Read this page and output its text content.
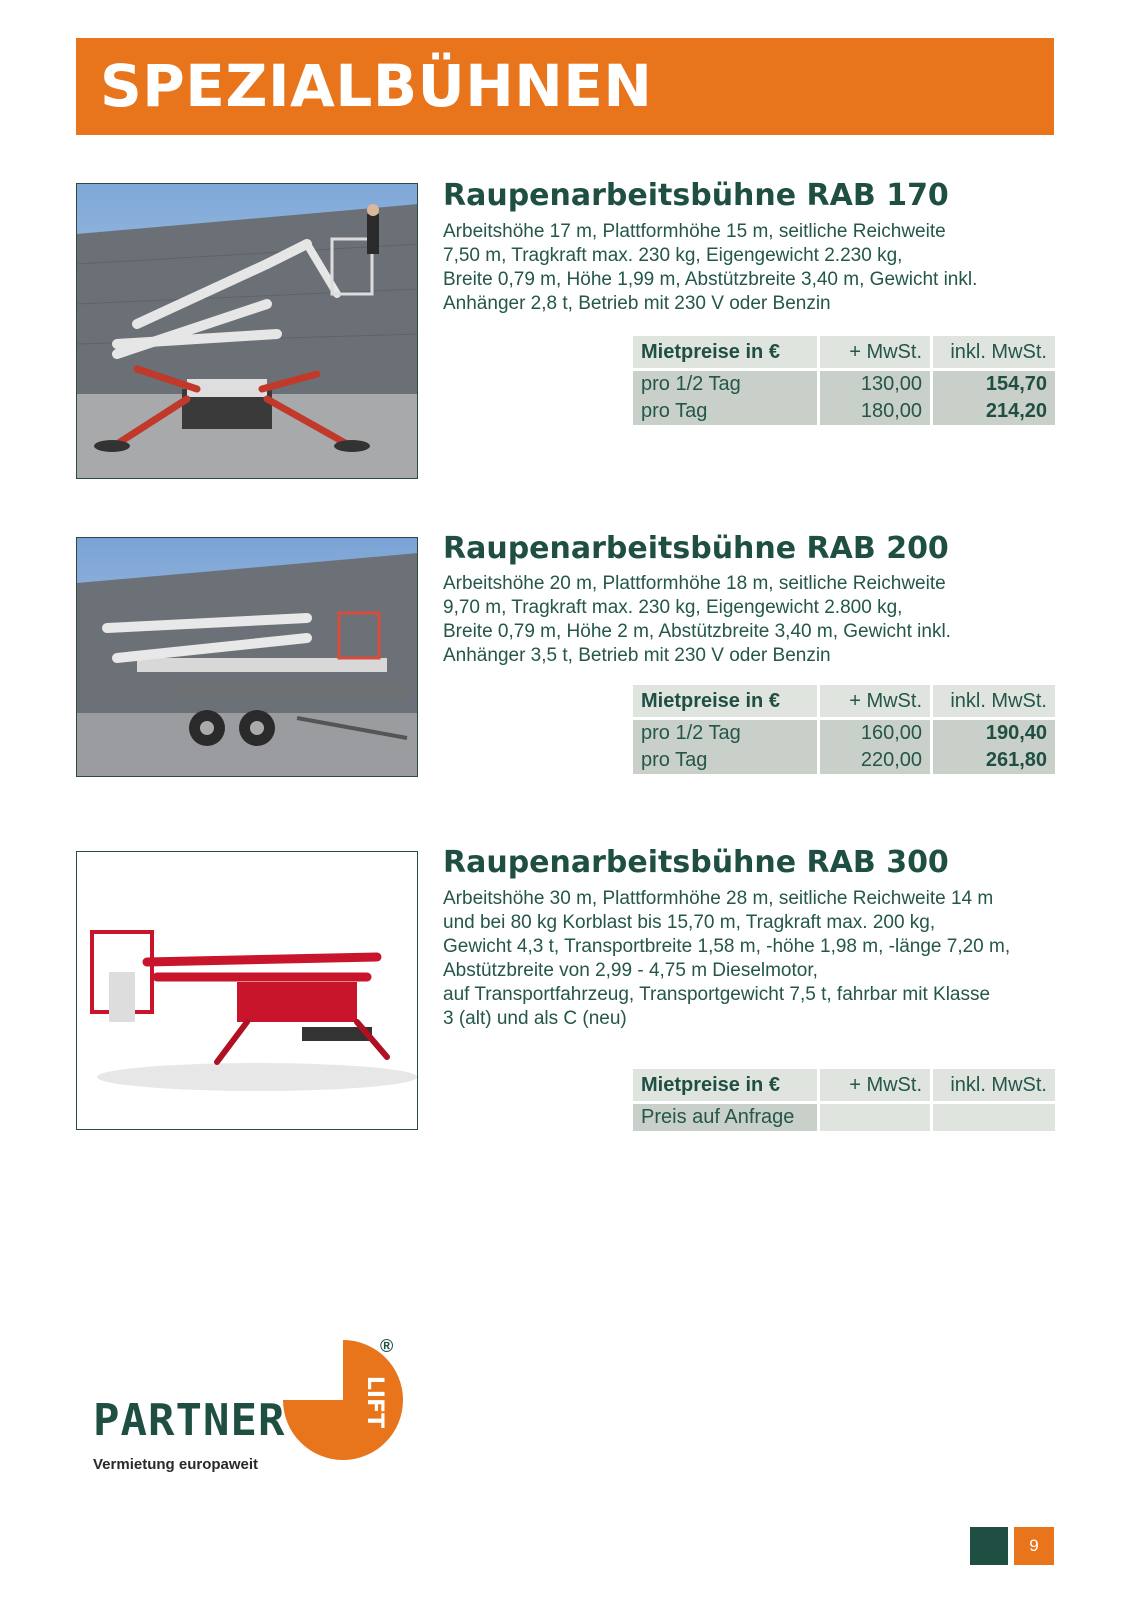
SPEZIALBÜHNEN
Raupenarbeitsbühne RAB 170
Arbeitshöhe 17 m, Plattformhöhe 15 m, seitliche Reichweite
7,50 m, Tragkraft max. 230 kg, Eigengewicht 2.230 kg,
Breite 0,79 m, Höhe 1,99 m, Abstützbreite 3,40 m, Gewicht inkl.
Anhänger 2,8 t, Betrieb mit 230 V oder Benzin
Mietpreise in €	+ MwSt.	inkl. MwSt.
pro 1/2 Tag	130,00	154,70
pro Tag	180,00	214,20
Raupenarbeitsbühne RAB 200
Arbeitshöhe 20 m, Plattformhöhe 18 m, seitliche Reichweite
9,70 m, Tragkraft max. 230 kg, Eigengewicht 2.800 kg,
Breite 0,79 m, Höhe 2 m, Abstützbreite 3,40 m, Gewicht inkl.
Anhänger 3,5 t, Betrieb mit 230 V oder Benzin
Mietpreise in €	+ MwSt.	inkl. MwSt.
pro 1/2 Tag	160,00	190,40
pro Tag	220,00	261,80
Raupenarbeitsbühne RAB 300
Arbeitshöhe 30 m, Plattformhöhe 28 m, seitliche Reichweite 14 m
und bei 80 kg Korblast bis 15,70 m, Tragkraft max. 200 kg,
Gewicht 4,3 t, Transportbreite 1,58 m, -höhe 1,98 m, -länge 7,20 m,
Abstützbreite von 2,99 - 4,75 m Dieselmotor,
auf Transportfahrzeug, Transportgewicht 7,5 t, fahrbar mit Klasse
3 (alt) und als C (neu)
Mietpreise in €	+ MwSt.	inkl. MwSt.
Preis auf Anfrage		
LIFT
®
PARTNER
Vermietung europaweit
9
